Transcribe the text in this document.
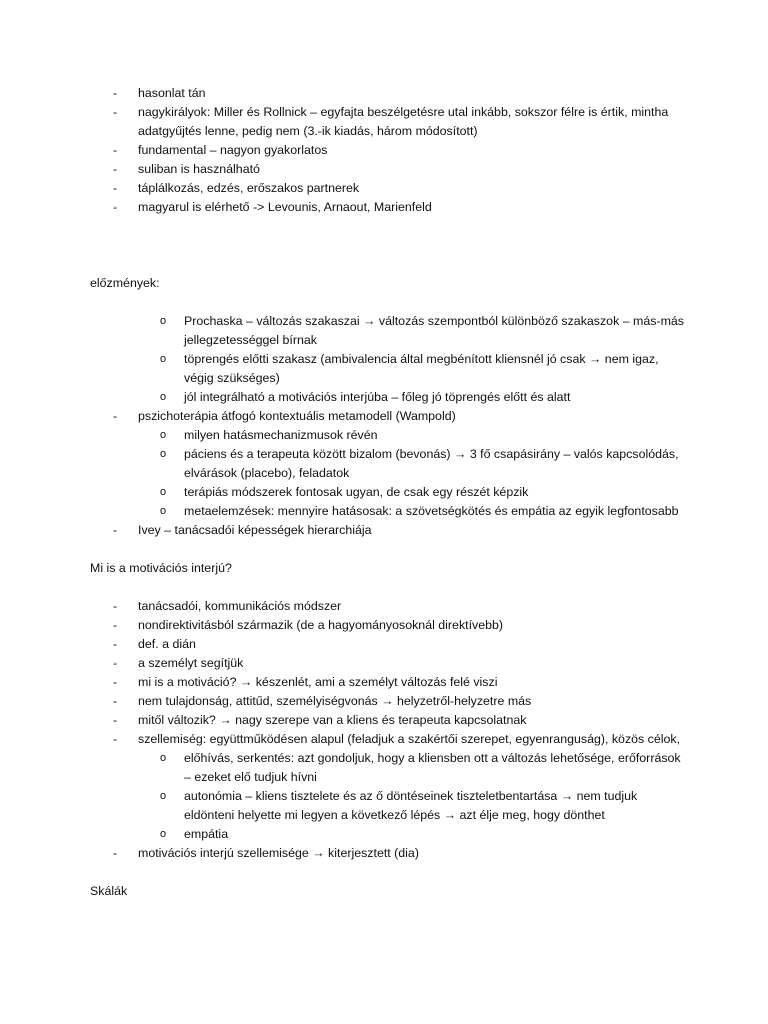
- hasonlat tán
- nagykirályok: Miller és Rollnick – egyfajta beszélgetésre utal inkább, sokszor félre is értik, mintha adatgyűjtés lenne, pedig nem (3.-ik kiadás, három módosított)
- fundamental – nagyon gyakorlatos
- suliban is használható
- táplálkozás, edzés, erőszakos partnerek
- magyarul is elérhető -> Levounis, Arnaout, Marienfeld
előzmények:
o Prochaska – változás szakaszai → változás szempontból különböző szakaszok – más-más jellegzetességgel bírnak
o töprengés előtti szakasz (ambivalencia által megbénított kliensnél jó csak → nem igaz, végig szükséges)
o jól integrálható a motivációs interjúba – főleg jó töprengés előtt és alatt
- pszichoterápia átfogó kontextuális metamodell (Wampold)
o milyen hatásmechanizmusok révén
o páciens és a terapeuta között bizalom (bevonás) → 3 fő csapásirány – valós kapcsolódás, elvárások (placebo), feladatok
o terápiás módszerek fontosak ugyan, de csak egy részét képzik
o metaelemzések: mennyire hatásosak: a szövetségkötés és empátia az egyik legfontosabb
- Ivey – tanácsadói képességek hierarchiája
Mi is a motivációs interjú?
- tanácsadói, kommunikációs módszer
- nondirektivitásból származik (de a hagyományosoknál direktívebb)
- def. a dián
- a személyt segítjük
- mi is a motiváció? → készenlét, ami a személyt változás felé viszi
- nem tulajdonság, attitűd, személyiségvonás → helyzetről-helyzetre más
- mitől változik? → nagy szerepe van a kliens és terapeuta kapcsolatnak
- szellemiség: együttműködésen alapul (feladjuk a szakértői szerepet, egyenranguság), közös célok,
o előhívás, serkentés: azt gondoljuk, hogy a kliensben ott a változás lehetősége, erőforrások – ezeket elő tudjuk hívni
o autonómia – kliens tisztelete és az ő döntéseinek tiszteletbentartása → nem tudjuk eldönteni helyette mi legyen a következő lépés → azt élje meg, hogy dönthet
o empátia
- motivációs interjú szellemisége → kiterjesztett (dia)
Skálák
